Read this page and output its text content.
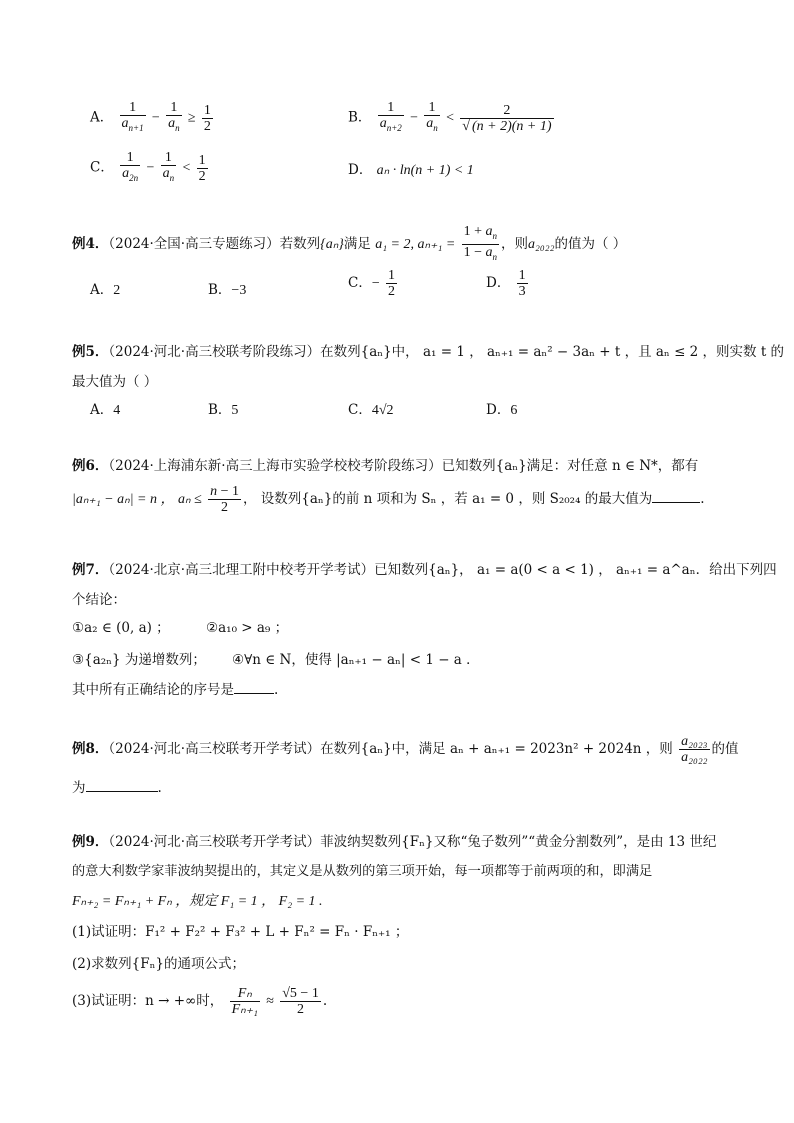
A． $\frac{1}{a_{n+1}} - \frac{1}{a_n} \ge \frac{1}{2}$	B． $\frac{1}{a_{n+2}} - \frac{1}{a_n} < \frac{2}{√ (n + 2)(n + 1)}$
C． $\frac{1}{a_{2n}} - \frac{1}{a_n} < \frac{1}{2}$	D． aₙ · ln(n + 1) < 1
例4．（2024·全国·高三专题练习）若数列{aₙ}满足 a₁ = 2, $a_{n+1} = \frac{1 + a_n}{1 - a_n}$ ，则a₂₀₂₂的值为（ ）
A．2	B．−3	C．− $\frac{1}{2}$	D． $\frac{1}{3}$
例5．（2024·河北·高三校联考阶段练习）在数列{aₙ}中， a₁ = 1 ， aₙ₊₁ = aₙ² − 3aₙ + t ，且 aₙ ≤ 2 ，则实数 t 的
最大值为（ ）
A．4	B．5	C．4√2	D．6
例6．（2024·上海浦东新·高三上海市实验学校校考阶段练习）已知数列{aₙ}满足：对任意 n ∈ N*，都有
|aₙ₊₁ − aₙ| = n ， $a_n \le \frac{n - 1}{2}$ ， 设数列{aₙ}的前 n 项和为 Sₙ ，若 a₁ = 0 ，则 S₂₀₂₄ 的最大值为	.
例7．（2024·北京·高三北理工附中校考开学考试）已知数列{aₙ}， a₁ = a(0 < a < 1) ， aₙ₊₁ = a^aₙ．给出下列四
个结论：
①a₂ ∈ (0, a) ；	②a₁₀ > a₉ ；
③{a₂ₙ} 为递增数列； ④∀n ∈ N，使得 |aₙ₊₁ − aₙ| < 1 − a ．
其中所有正确结论的序号是	.
例8．（2024·河北·高三校联考开学考试）在数列{aₙ}中，满足 aₙ + aₙ₊₁ = 2023n² + 2024n ，则 $\frac{\text{a₂₀₂₃}}{\text{a₂₀₂₂}}$ 的值
为	.
例9．（2024·河北·高三校联考开学考试）菲波纳契数列{Fₙ}又称“兔子数列”“黄金分割数列”，是由 13 世纪
的意大利数学家菲波纳契提出的，其定义是从数列的第三项开始，每一项都等于前两项的和，即满足
Fₙ₊₂ = Fₙ₊₁ + Fₙ ，规定 F₁ = 1 ， F₂ = 1 .
(1)试证明：F₁² + F₂² + F₃² + L + Fₙ² = Fₙ · Fₙ₊₁ ；
(2)求数列{Fₙ}的通项公式；
(3)试证明：n → +∞时， $\frac{\text{Fₙ}}{\text{Fₙ₊₁}} \approx \frac{√5 - 1}{2}$ .
